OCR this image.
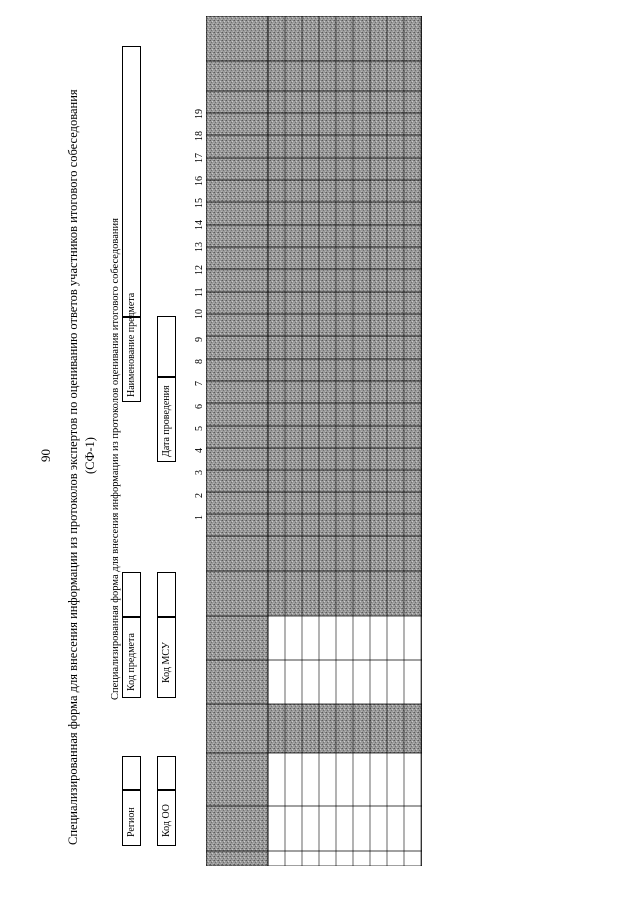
90 Специализированная форма для внесения информации из протоколов экспертов по оцениванию ответов участников итогового собеседования (СФ-1) Специализированная форма для внесения информации из протоколов оценивания итогового собеседования
Регион
Код предмета
Наименование предмета
Код ОО
Код МСУ
Дата проведения
1
2
3
4
5
6
7
8
9
10
11
12
13
14
15
16
17
18
19
